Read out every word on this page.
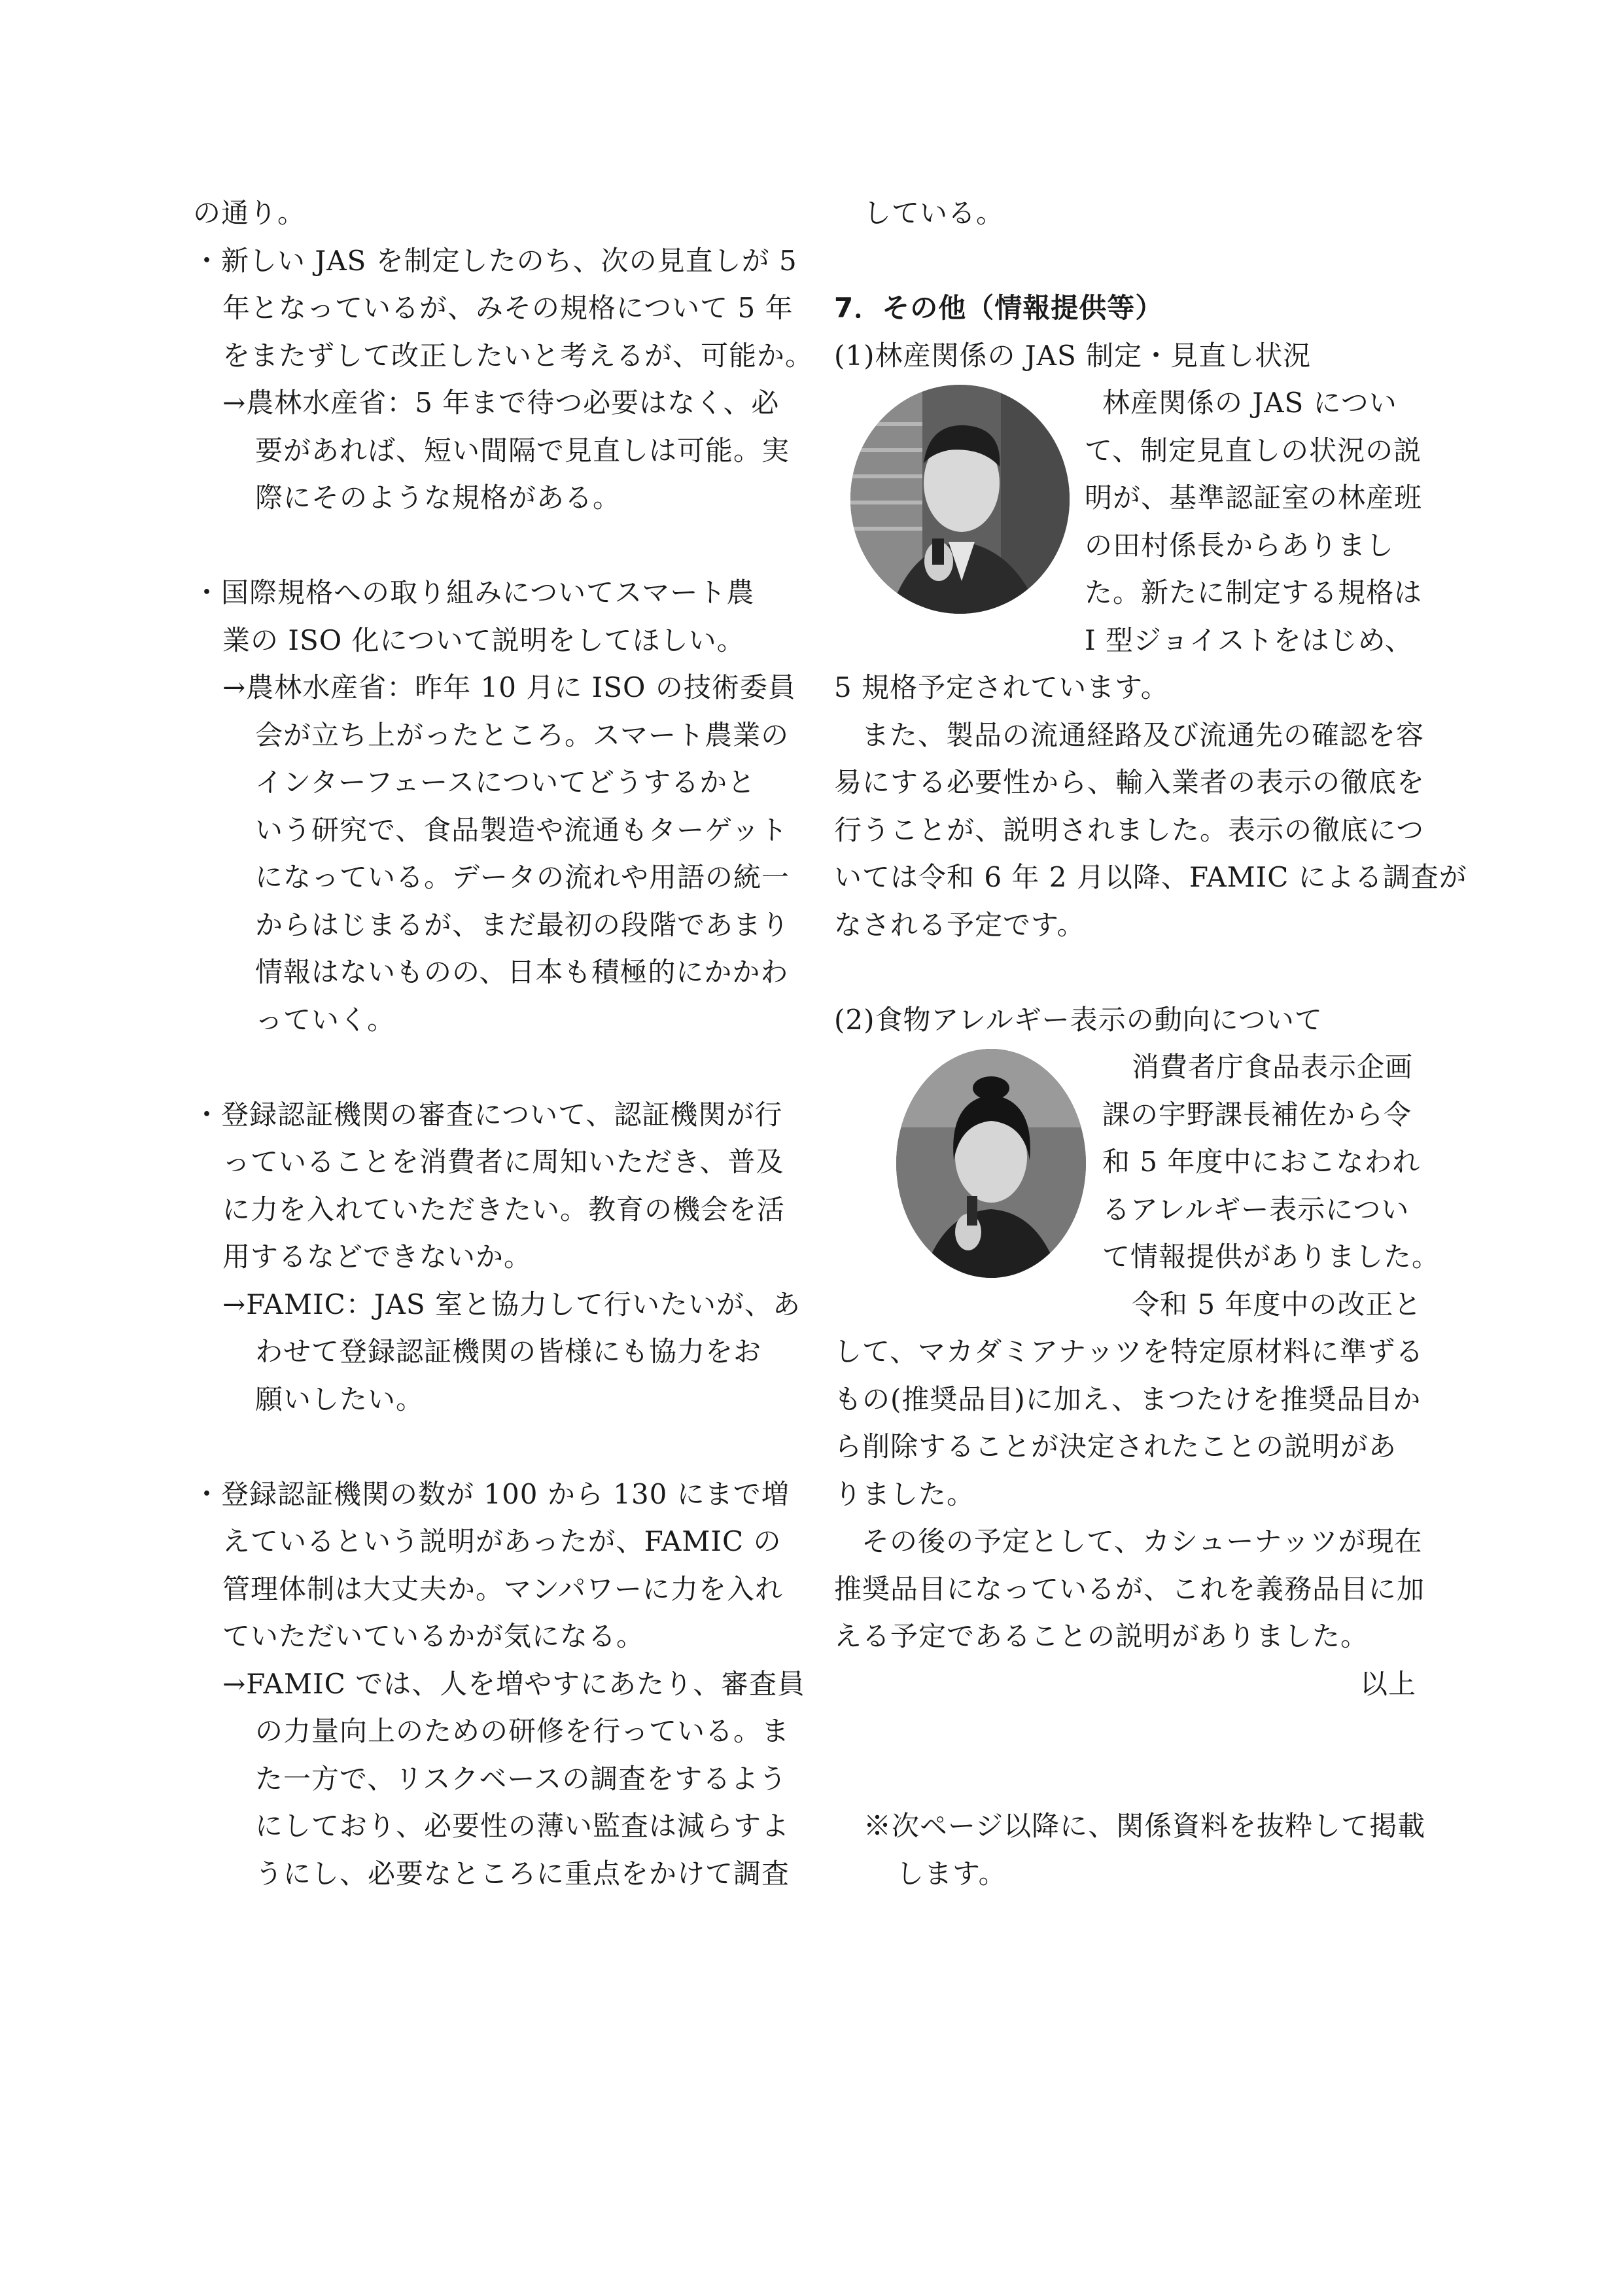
の通り。
・新しい JAS を制定したのち、次の見直しが 5
年となっているが、みその規格について 5 年
をまたずして改正したいと考えるが、可能か。
→農林水産省：5 年まで待つ必要はなく、必
要があれば、短い間隔で見直しは可能。実
際にそのような規格がある。
・国際規格への取り組みについてスマート農
業の ISO 化について説明をしてほしい。
→農林水産省：昨年 10 月に ISO の技術委員
会が立ち上がったところ。スマート農業の
インターフェースについてどうするかと
いう研究で、食品製造や流通もターゲット
になっている。データの流れや用語の統一
からはじまるが、まだ最初の段階であまり
情報はないものの、日本も積極的にかかわ
っていく。
・登録認証機関の審査について、認証機関が行
っていることを消費者に周知いただき、普及
に力を入れていただきたい。教育の機会を活
用するなどできないか。
→FAMIC：JAS 室と協力して行いたいが、あ
わせて登録認証機関の皆様にも協力をお
願いしたい。
・登録認証機関の数が 100 から 130 にまで増
えているという説明があったが、FAMIC の
管理体制は大丈夫か。マンパワーに力を入れ
ていただいているかが気になる。
→FAMIC では、人を増やすにあたり、審査員
の力量向上のための研修を行っている。ま
た一方で、リスクベースの調査をするよう
にしており、必要性の薄い監査は減らすよ
うにし、必要なところに重点をかけて調査
している。
7．その他（情報提供等）
(1)林産関係の JAS 制定・見直し状況
林産関係の JAS につい
て、制定見直しの状況の説
明が、基準認証室の林産班
の田村係長からありまし
た。新たに制定する規格は
I 型ジョイストをはじめ、
5 規格予定されています。
また、製品の流通経路及び流通先の確認を容
易にする必要性から、輸入業者の表示の徹底を
行うことが、説明されました。表示の徹底につ
いては令和 6 年 2 月以降、FAMIC による調査が
なされる予定です。
(2)食物アレルギー表示の動向について
消費者庁食品表示企画
課の宇野課長補佐から令
和 5 年度中におこなわれ
るアレルギー表示につい
て情報提供がありました。
令和 5 年度中の改正と
して、マカダミアナッツを特定原材料に準ずる
もの(推奨品目)に加え、まつたけを推奨品目か
ら削除することが決定されたことの説明があ
りました。
その後の予定として、カシューナッツが現在
推奨品目になっているが、これを義務品目に加
える予定であることの説明がありました。
以上
※次ページ以降に、関係資料を抜粋して掲載
します。
